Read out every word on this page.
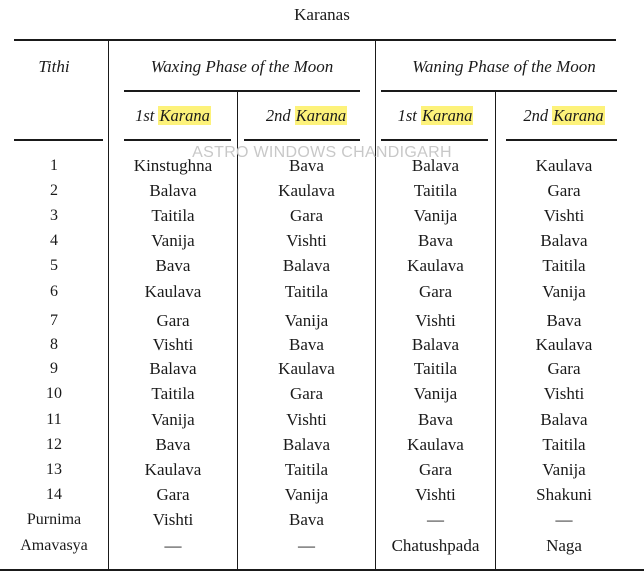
Karanas
Tithi	Waxing Phase of the Moon	Waning Phase of the Moon
1st Karana	2nd Karana	1st Karana	2nd Karana
ASTRO WINDOWS CHANDIGARH
1	Kinstughna	Bava	Balava	Kaulava
2	Balava	Kaulava	Taitila	Gara
3	Taitila	Gara	Vanija	Vishti
4	Vanija	Vishti	Bava	Balava
5	Bava	Balava	Kaulava	Taitila
6	Kaulava	Taitila	Gara	Vanija
7	Gara	Vanija	Vishti	Bava
8	Vishti	Bava	Balava	Kaulava
9	Balava	Kaulava	Taitila	Gara
10	Taitila	Gara	Vanija	Vishti
11	Vanija	Vishti	Bava	Balava
12	Bava	Balava	Kaulava	Taitila
13	Kaulava	Taitila	Gara	Vanija
14	Gara	Vanija	Vishti	Shakuni
Purnima	Vishti	Bava	—	—
Amavasya	—	—	Chatushpada	Naga
